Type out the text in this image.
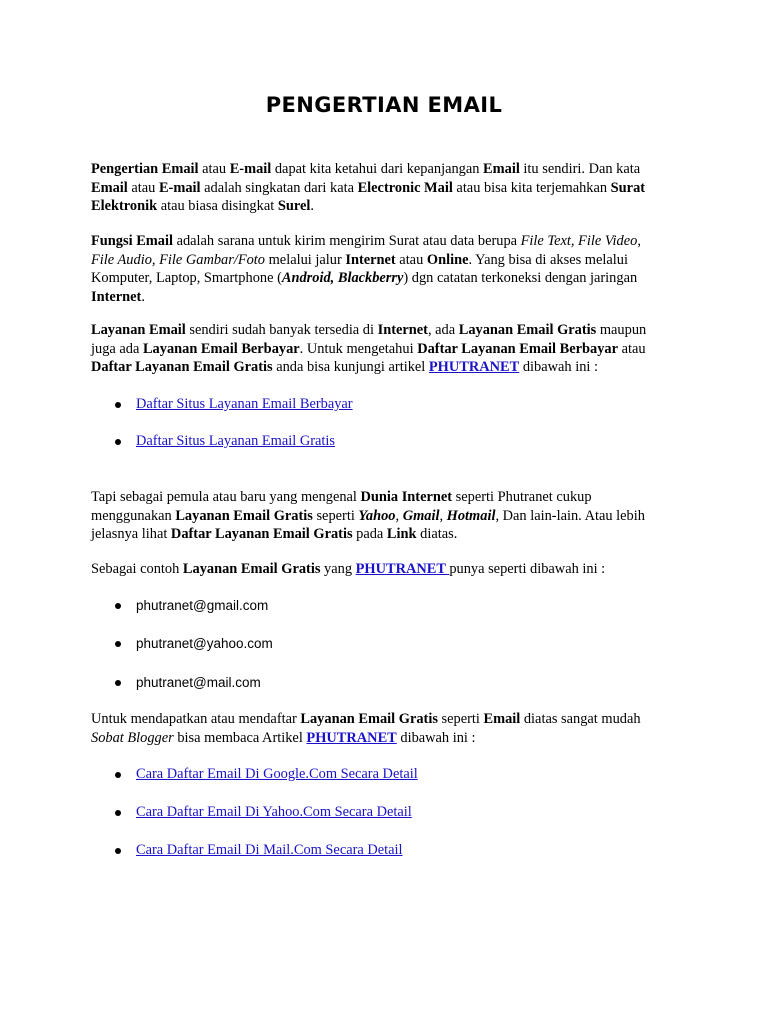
PENGERTIAN EMAIL
Pengertian Email atau E-mail dapat kita ketahui dari kepanjangan Email itu sendiri. Dan kata
Email atau E-mail adalah singkatan dari kata Electronic Mail atau bisa kita terjemahkan Surat
Elektronik atau biasa disingkat Surel.
Fungsi Email adalah sarana untuk kirim mengirim Surat atau data berupa File Text, File Video,
File Audio, File Gambar/Foto melalui jalur Internet atau Online. Yang bisa di akses melalui
Komputer, Laptop, Smartphone (Android, Blackberry) dgn catatan terkoneksi dengan jaringan
Internet.
Layanan Email sendiri sudah banyak tersedia di Internet, ada Layanan Email Gratis maupun
juga ada Layanan Email Berbayar. Untuk mengetahui Daftar Layanan Email Berbayar atau
Daftar Layanan Email Gratis anda bisa kunjungi artikel PHUTRANET dibawah ini :
Daftar Situs Layanan Email Berbayar
Daftar Situs Layanan Email Gratis
Tapi sebagai pemula atau baru yang mengenal Dunia Internet seperti Phutranet cukup
menggunakan Layanan Email Gratis seperti Yahoo, Gmail, Hotmail, Dan lain-lain. Atau lebih
jelasnya lihat Daftar Layanan Email Gratis pada Link diatas.
Sebagai contoh Layanan Email Gratis yang PHUTRANET punya seperti dibawah ini :
phutranet@gmail.com
phutranet@yahoo.com
phutranet@mail.com
Untuk mendapatkan atau mendaftar Layanan Email Gratis seperti Email diatas sangat mudah
Sobat Blogger bisa membaca Artikel PHUTRANET dibawah ini :
Cara Daftar Email Di Google.Com Secara Detail
Cara Daftar Email Di Yahoo.Com Secara Detail
Cara Daftar Email Di Mail.Com Secara Detail
